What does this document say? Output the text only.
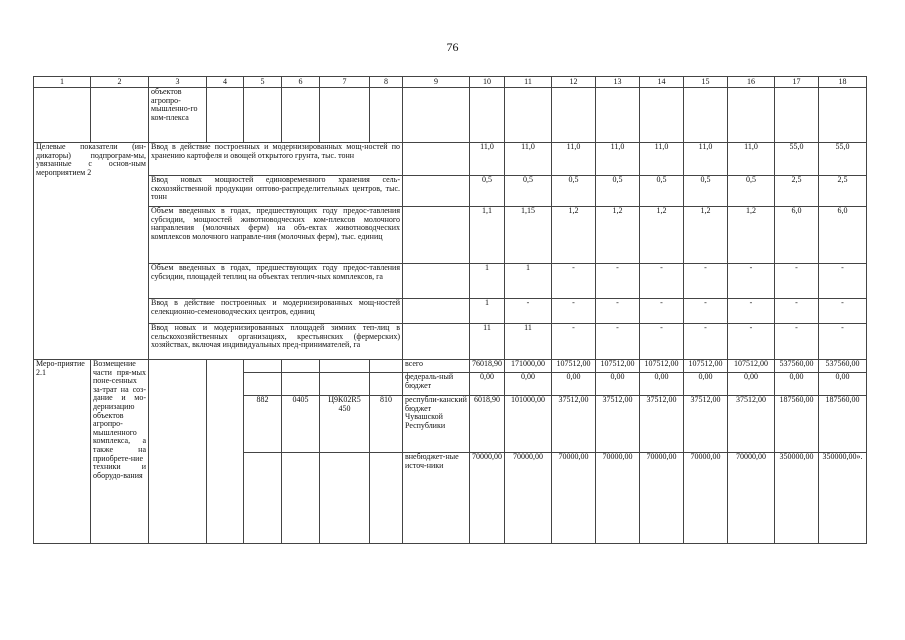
76
1	2	3	4	5	6	7	8	9	10	11	12	13	14	15	16	17	18
		объектов агропро-мышленно-го ком-плекса															
Целевые показатели (ин-дикаторы) подпрограм-мы, увязанные с основ-ным мероприятием 2		Ввод в действие построенных и модернизированных мощ-ностей по хранению картофеля и овощей открытого грунта, тыс. тонн							11,0	11,0	11,0	11,0	11,0	11,0	11,0	55,0	55,0
		Ввод новых мощностей единовременного хранения сель-скохозяйственной продукции оптово-распределительных центров, тыс. тонн							0,5	0,5	0,5	0,5	0,5	0,5	0,5	2,5	2,5
		Объем введенных в годах, предшествующих году предос-тавления субсидии, мощностей животноводческих ком-плексов молочного направления (молочных ферм) на объ-ектах животноводческих комплексов молочного направле-ния (молочных ферм), тыс. единиц							1,1	1,15	1,2	1,2	1,2	1,2	1,2	6,0	6,0
		Объем введенных в годах, предшествующих году предос-тавления субсидии, площадей теплиц на объектах теплич-ных комплексов, га							1	1	-	-	-	-	-	-	-
		Ввод в действие построенных и модернизированных мощ-ностей селекционно-семеноводческих центров, единиц							1	-	-	-	-	-	-	-	-
		Ввод новых и модернизированных площадей зимних теп-лиц в сельскохозяйственных организациях, крестьянских (фермерских) хозяйствах, включая индивидуальных пред-принимателей, га							11	11	-	-	-	-	-	-	-
Меро-приятие 2.1	Возмещение части пря-мых поне-сенных за-трат на соз-дание и мо-дернизацию объектов агропро-мышленного комплекса, а также на приобрете-ние техники и оборудо-вания							всего	76018,90	171000,00	107512,00	107512,00	107512,00	107512,00	107512,00	537560,00	537560,00
								федераль-ный бюджет	0,00	0,00	0,00	0,00	0,00	0,00	0,00	0,00	0,00
				882	0405	Ц9К02R5 450	810	республи-канский бюджет Чувашской Республики	6018,90	101000,00	37512,00	37512,00	37512,00	37512,00	37512,00	187560,00	187560,00
								внебюджет-ные источ-ники	70000,00	70000,00	70000,00	70000,00	70000,00	70000,00	70000,00	350000,00	350000,00».
